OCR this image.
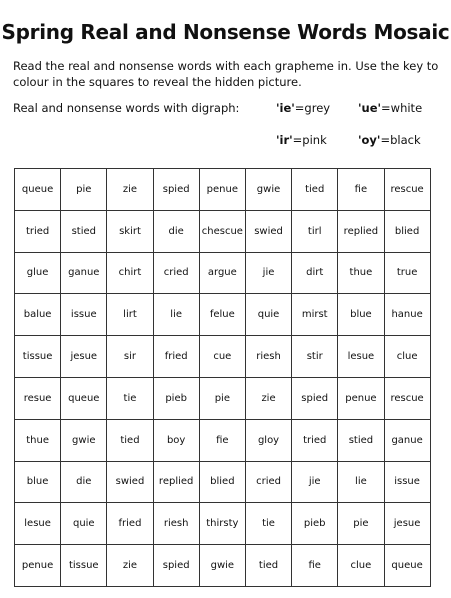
Spring Real and Nonsense Words Mosaic
Read the real and nonsense words with each grapheme in. Use the key to colour in the squares to reveal the hidden picture.
Real and nonsense words with digraph:	'ie'=grey 'ue'=white
'ir'=pink	'oy'=black
queue	pie	zie	spied	penue	gwie	tied	fie	rescue
tried	stied	skirt	die	chescue	swied	tirl	replied	blied
glue	ganue	chirt	cried	argue	jie	dirt	thue	true
balue	issue	lirt	lie	felue	quie	mirst	blue	hanue
tissue	jesue	sir	fried	cue	riesh	stir	lesue	clue
resue	queue	tie	pieb	pie	zie	spied	penue	rescue
thue	gwie	tied	boy	fie	gloy	tried	stied	ganue
blue	die	swied	replied	blied	cried	jie	lie	issue
lesue	quie	fried	riesh	thirsty	tie	pieb	pie	jesue
penue	tissue	zie	spied	gwie	tied	fie	clue	queue
